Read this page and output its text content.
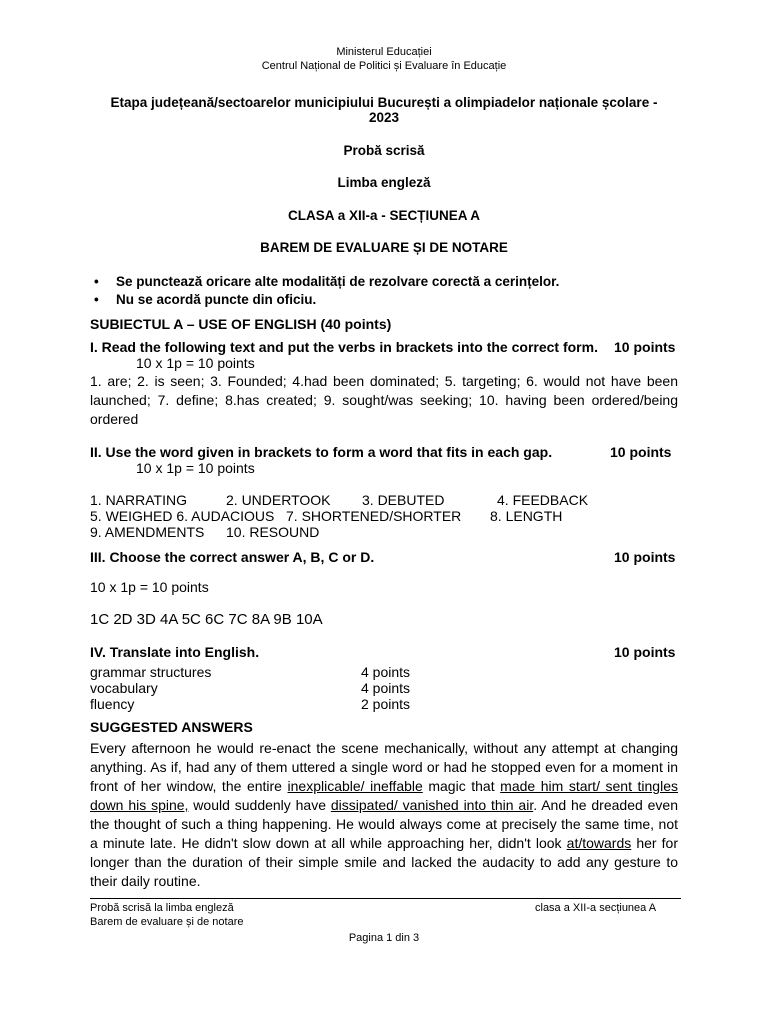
Ministerul Educației
Centrul Național de Politici și Evaluare în Educație
Etapa județeană/sectoarelor municipiului București a olimpiadelor naționale școlare -
2023
Probă scrisă
Limba engleză
CLASA a XII-a - SECȚIUNEA A
BAREM DE EVALUARE ȘI DE NOTARE
• Se punctează oricare alte modalități de rezolvare corectă a cerințelor.
• Nu se acordă puncte din oficiu.
SUBIECTUL A – USE OF ENGLISH (40 points)
I. Read the following text and put the verbs in brackets into the correct form. 10 points
10 x 1p = 10 points
1. are; 2. is seen; 3. Founded; 4.had been dominated; 5. targeting; 6. would not have been launched; 7. define; 8.has created; 9. sought/was seeking; 10. having been ordered/being ordered
II. Use the word given in brackets to form a word that fits in each gap.	10 points
10 x 1p = 10 points
1. NARRATING	2. UNDERTOOK 3. DEBUTED	4. FEEDBACK
5. WEIGHED 6. AUDACIOUS 7. SHORTENED/SHORTER 8. LENGTH
9. AMENDMENTS 10. RESOUND
III. Choose the correct answer A, B, C or D.	10 points
10 x 1p = 10 points
1C 2D 3D 4A 5C 6C 7C 8A 9B 10A
IV. Translate into English.	10 points
grammar structures	4 points
vocabulary	4 points
fluency	2 points
SUGGESTED ANSWERS
Every afternoon he would re-enact the scene mechanically, without any attempt at changing anything. As if, had any of them uttered a single word or had he stopped even for a moment in front of her window, the entire inexplicable/ ineffable magic that made him start/ sent tingles down his spine, would suddenly have dissipated/ vanished into thin air. And he dreaded even the thought of such a thing happening. He would always come at precisely the same time, not a minute late. He didn't slow down at all while approaching her, didn't look at/towards her for longer than the duration of their simple smile and lacked the audacity to add any gesture to their daily routine.
Probă scrisă la limba engleză
Barem de evaluare și de notare
clasa a XII-a secțiunea A
Pagina 1 din 3
